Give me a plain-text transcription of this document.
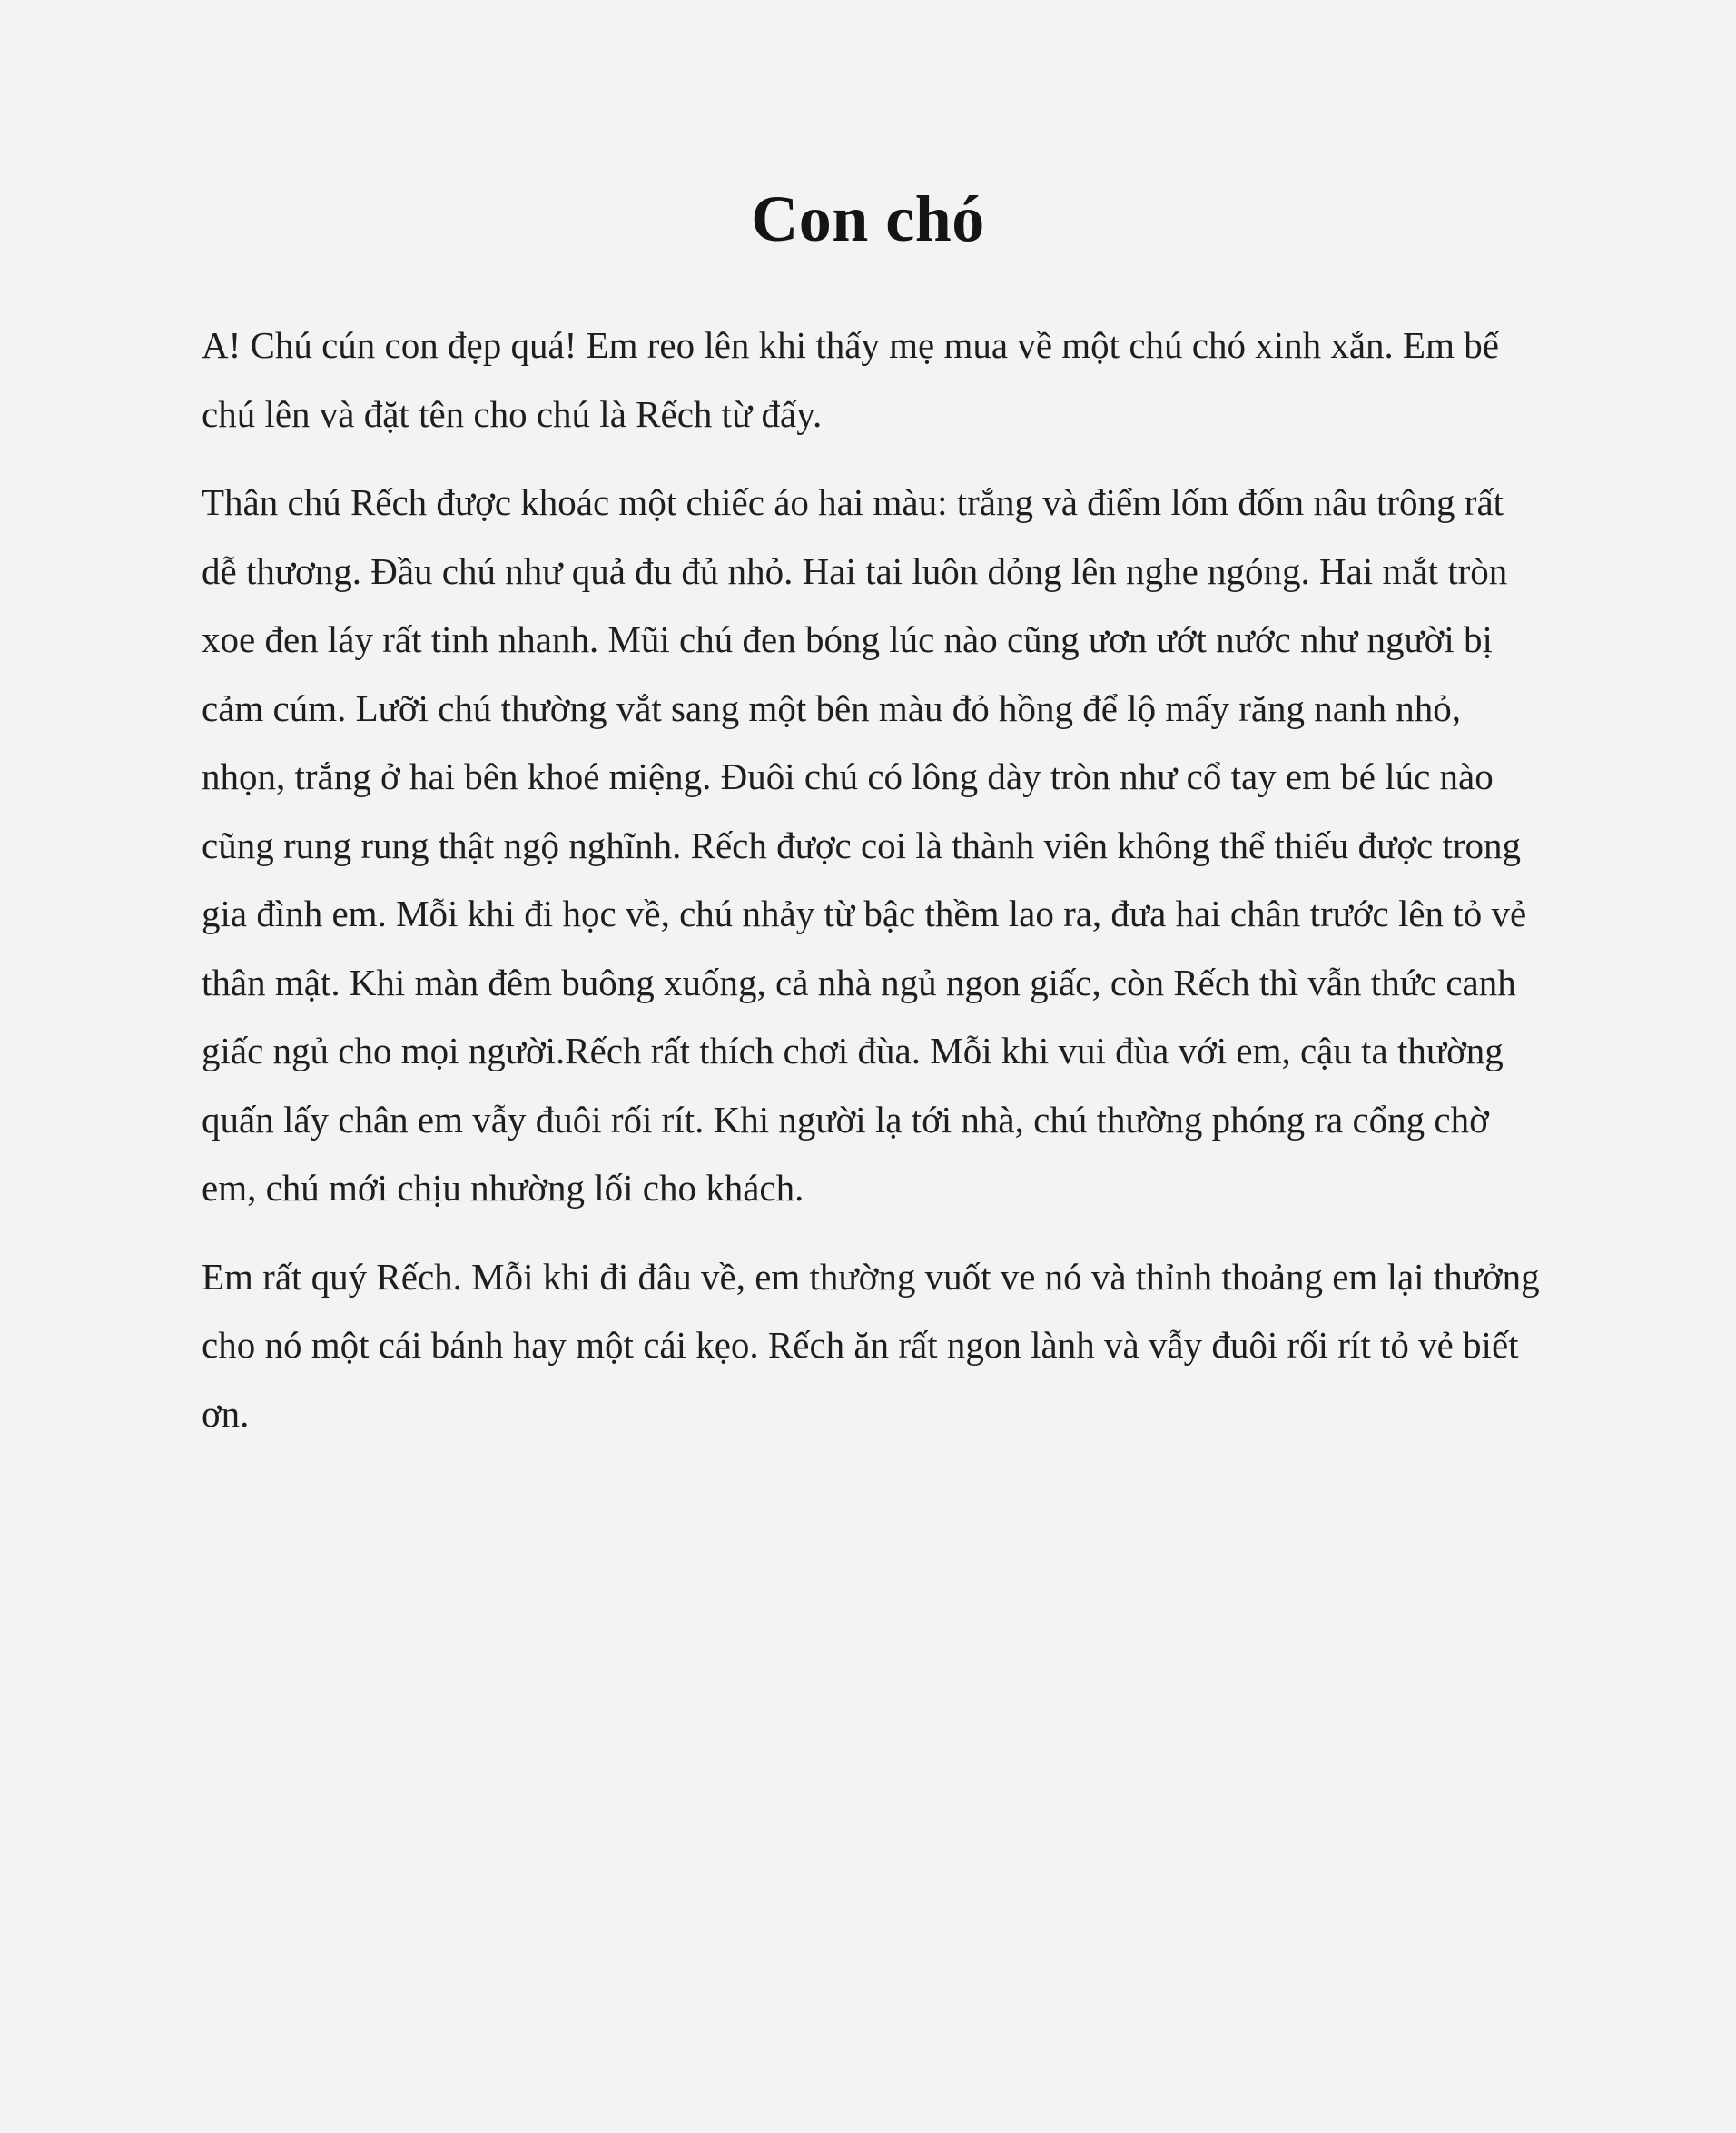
Con chó

A! Chú cún con đẹp quá! Em reo lên khi thấy mẹ mua về một chú chó xinh xắn. Em bế chú lên và đặt tên cho chú là Rếch từ đấy.

Thân chú Rếch được khoác một chiếc áo hai màu: trắng và điểm lốm đốm nâu trông rất dễ thương. Đầu chú như quả đu đủ nhỏ. Hai tai luôn dỏng lên nghe ngóng. Hai mắt tròn xoe đen láy rất tinh nhanh. Mũi chú đen bóng lúc nào cũng ươn ướt nước như người bị cảm cúm. Lưỡi chú thường vắt sang một bên màu đỏ hồng để lộ mấy răng nanh nhỏ, nhọn, trắng ở hai bên khoé miệng. Đuôi chú có lông dày tròn như cổ tay em bé lúc nào cũng rung rung thật ngộ nghĩnh. Rếch được coi là thành viên không thể thiếu được trong gia đình em. Mỗi khi đi học về, chú nhảy từ bậc thềm lao ra, đưa hai chân trước lên tỏ vẻ thân mật. Khi màn đêm buông xuống, cả nhà ngủ ngon giấc, còn Rếch thì vẫn thức canh giấc ngủ cho mọi người.Rếch rất thích chơi đùa. Mỗi khi vui đùa với em, cậu ta thường quấn lấy chân em vẫy đuôi rối rít. Khi người lạ tới nhà, chú thường phóng ra cổng chờ em, chú mới chịu nhường lối cho khách.

Em rất quý Rếch. Mỗi khi đi đâu về, em thường vuốt ve nó và thỉnh thoảng em lại thưởng cho nó một cái bánh hay một cái kẹo. Rếch ăn rất ngon lành và vẫy đuôi rối rít tỏ vẻ biết ơn.
